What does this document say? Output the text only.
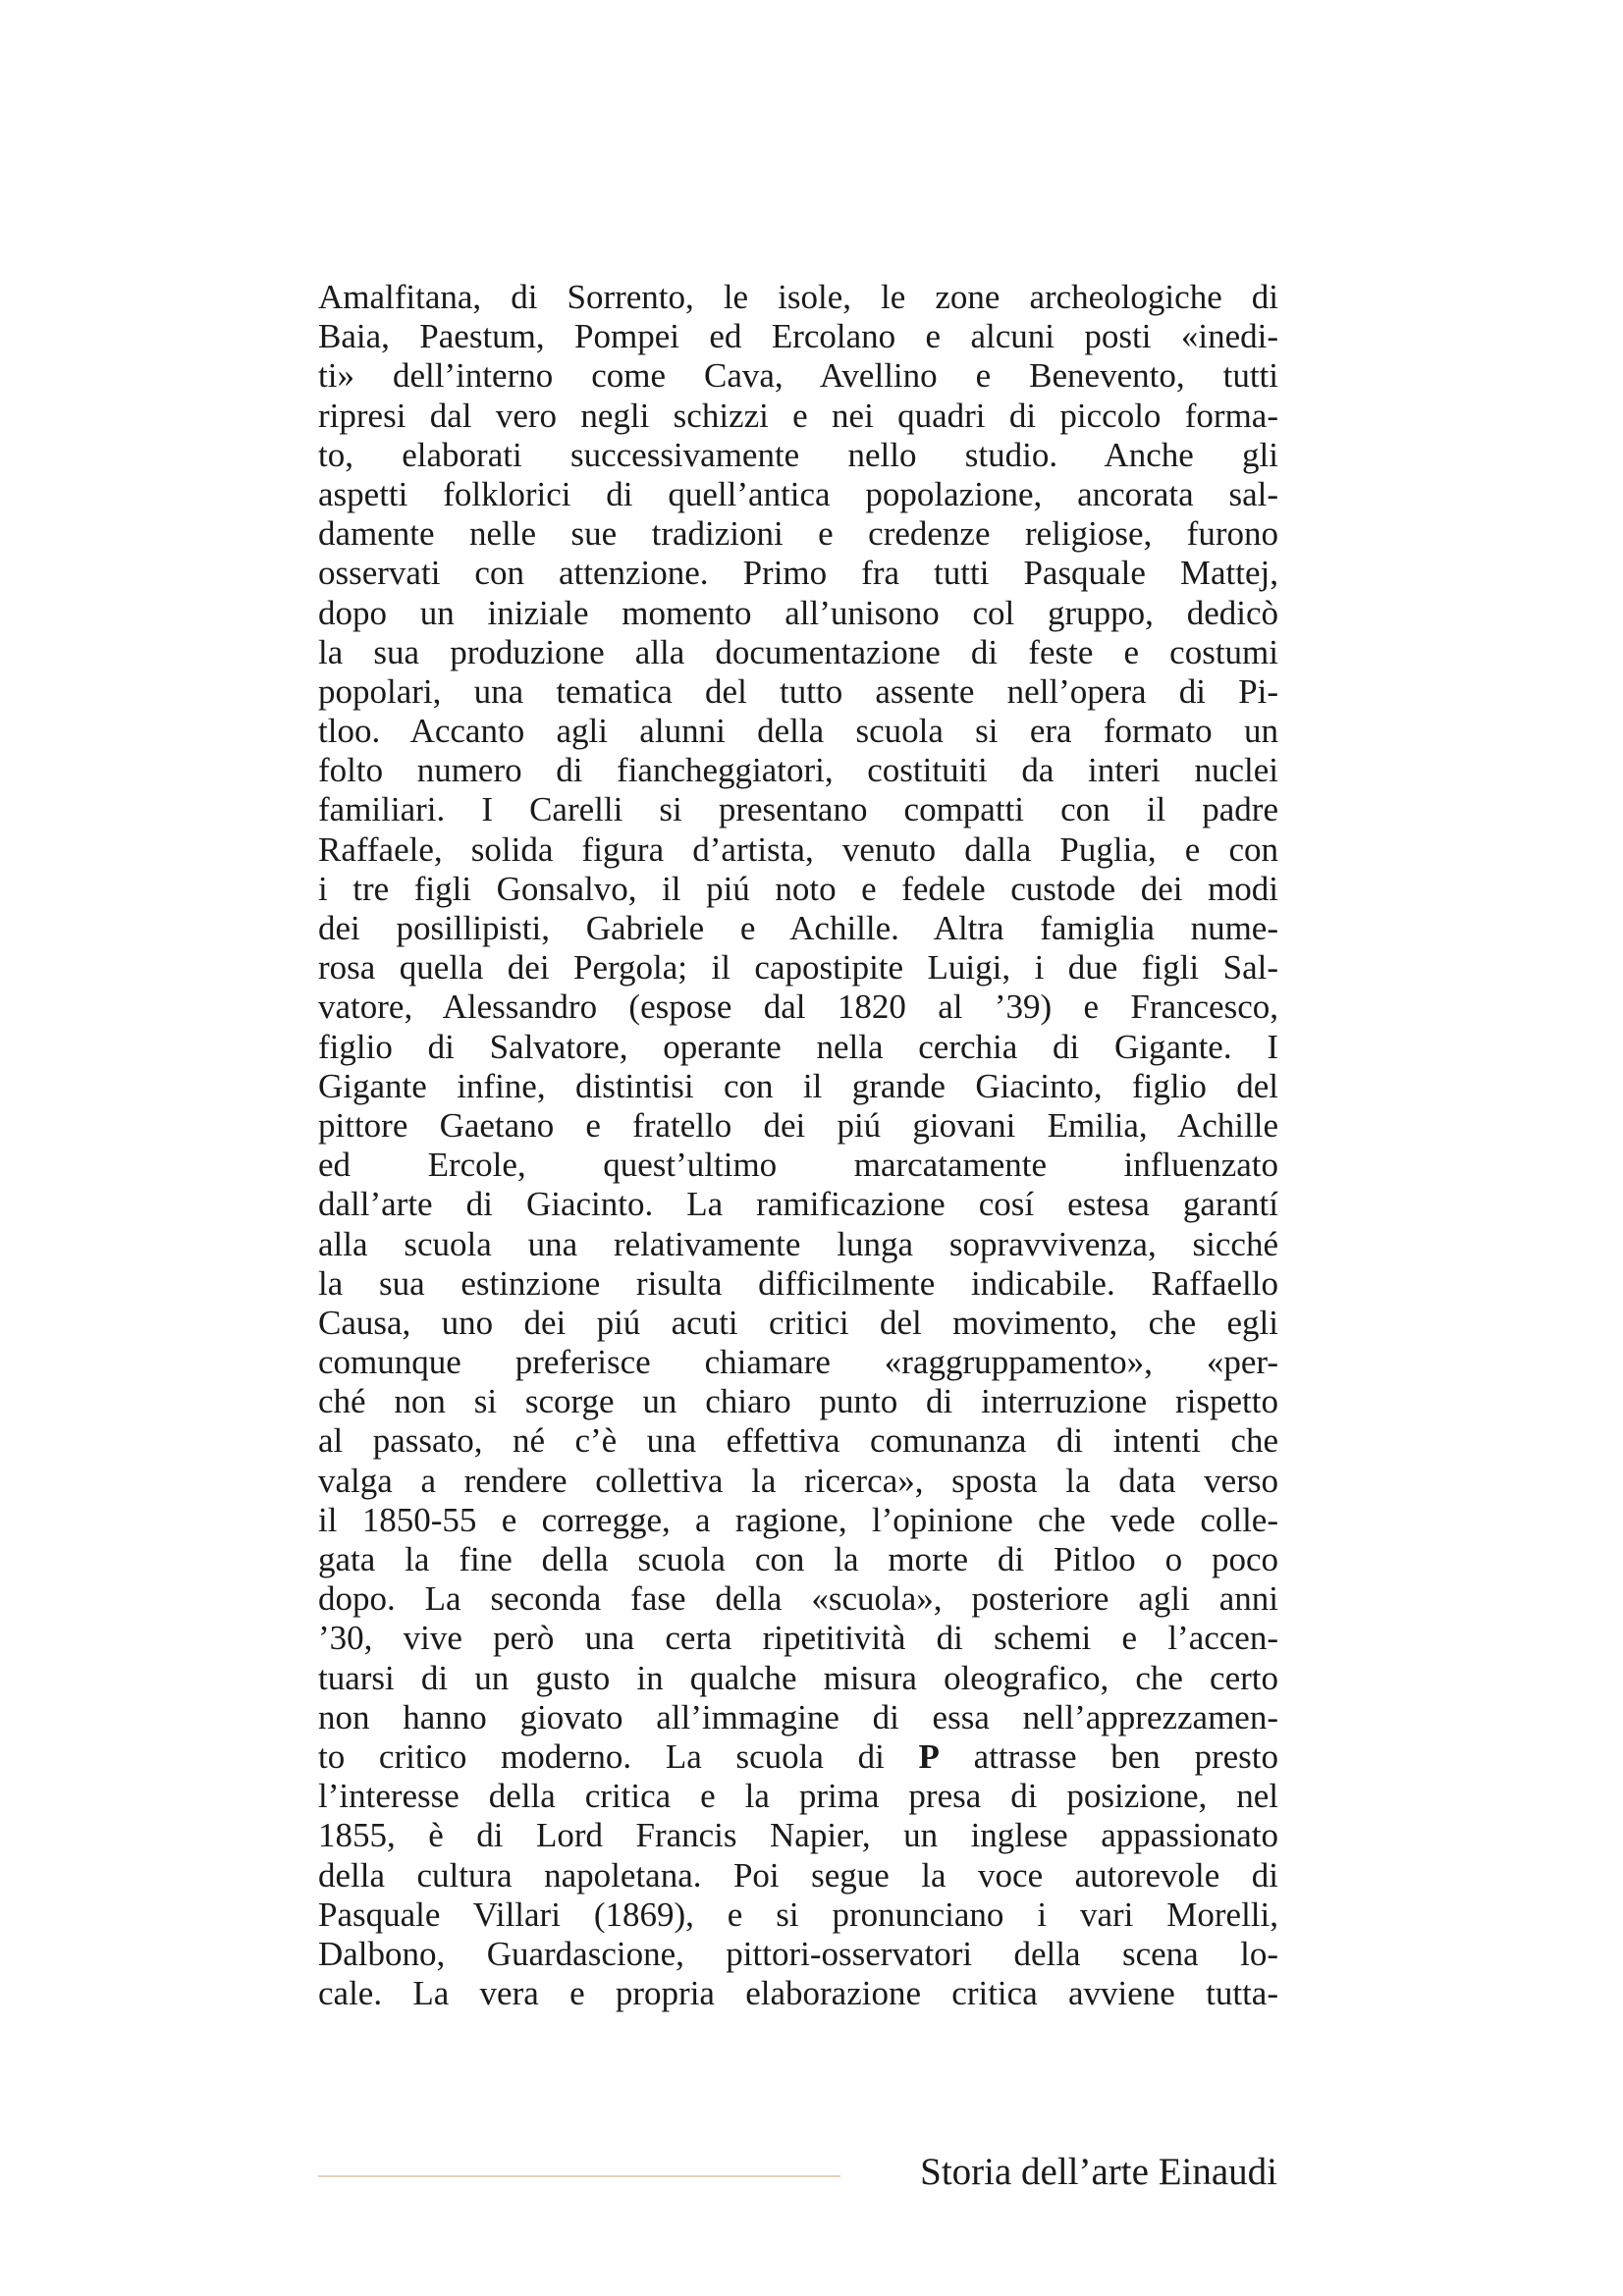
Amalfitana, di Sorrento, le isole, le zone archeologiche di
Baia, Paestum, Pompei ed Ercolano e alcuni posti «inedi-
ti» dell’interno come Cava, Avellino e Benevento, tutti
ripresi dal vero negli schizzi e nei quadri di piccolo forma-
to, elaborati successivamente nello studio. Anche gli
aspetti folklorici di quell’antica popolazione, ancorata sal-
damente nelle sue tradizioni e credenze religiose, furono
osservati con attenzione. Primo fra tutti Pasquale Mattej,
dopo un iniziale momento all’unisono col gruppo, dedicò
la sua produzione alla documentazione di feste e costumi
popolari, una tematica del tutto assente nell’opera di Pi-
tloo. Accanto agli alunni della scuola si era formato un
folto numero di fiancheggiatori, costituiti da interi nuclei
familiari. I Carelli si presentano compatti con il padre
Raffaele, solida figura d’artista, venuto dalla Puglia, e con
i tre figli Gonsalvo, il piú noto e fedele custode dei modi
dei posillipisti, Gabriele e Achille. Altra famiglia nume-
rosa quella dei Pergola; il capostipite Luigi, i due figli Sal-
vatore, Alessandro (espose dal 1820 al ’39) e Francesco,
figlio di Salvatore, operante nella cerchia di Gigante. I
Gigante infine, distintisi con il grande Giacinto, figlio del
pittore Gaetano e fratello dei piú giovani Emilia, Achille
ed Ercole, quest’ultimo marcatamente influenzato
dall’arte di Giacinto. La ramificazione cosí estesa garantí
alla scuola una relativamente lunga sopravvivenza, sicché
la sua estinzione risulta difficilmente indicabile. Raffaello
Causa, uno dei piú acuti critici del movimento, che egli
comunque preferisce chiamare «raggruppamento», «per-
ché non si scorge un chiaro punto di interruzione rispetto
al passato, né c’è una effettiva comunanza di intenti che
valga a rendere collettiva la ricerca», sposta la data verso
il 1850-55 e corregge, a ragione, l’opinione che vede colle-
gata la fine della scuola con la morte di Pitloo o poco
dopo. La seconda fase della «scuola», posteriore agli anni
’30, vive però una certa ripetitività di schemi e l’accen-
tuarsi di un gusto in qualche misura oleografico, che certo
non hanno giovato all’immagine di essa nell’apprezzamen-
to critico moderno. La scuola di P attrasse ben presto
l’interesse della critica e la prima presa di posizione, nel
1855, è di Lord Francis Napier, un inglese appassionato
della cultura napoletana. Poi segue la voce autorevole di
Pasquale Villari (1869), e si pronunciano i vari Morelli,
Dalbono, Guardascione, pittori-osservatori della scena lo-
cale. La vera e propria elaborazione critica avviene tutta-
Storia dell’arte Einaudi
